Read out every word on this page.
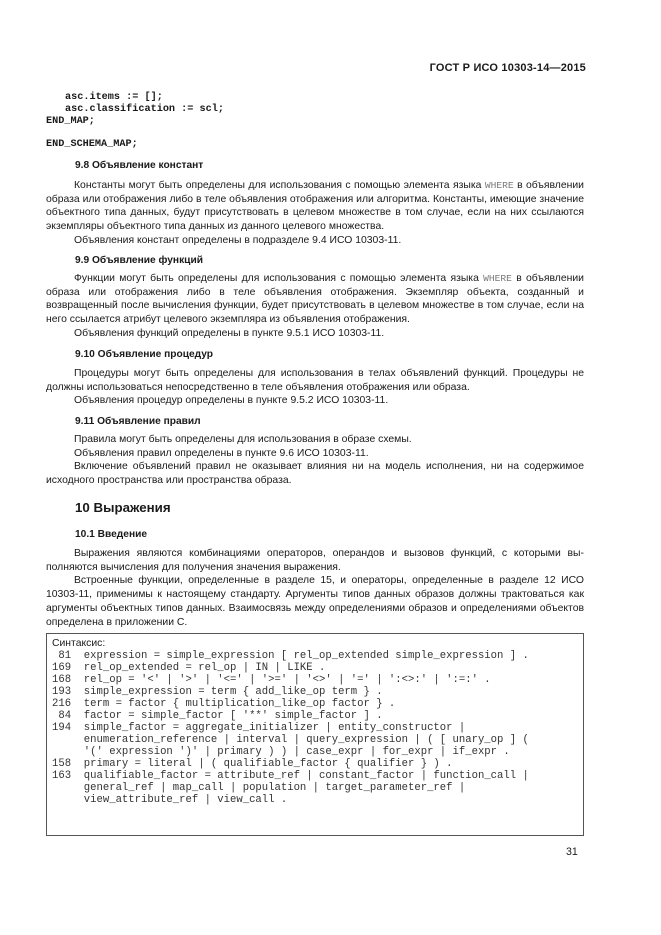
ГОСТ Р ИСО 10303-14—2015
asc.items := [];
asc.classification := scl;
END_MAP;
END_SCHEMA_MAP;
9.8 Объявление констант

Константы могут быть определены для использования с помощью элемента языка WHERE в объявлении образа или отображения либо в теле объявления отображения или алгоритма. Константы, имеющие значение объектного типа данных, будут присутствовать в целевом множестве в том случае, если на них ссылаются экземпляры объектного типа данных из данного целевого множества.

Объявления констант определены в подразделе 9.4 ИСО 10303-11.

9.9 Объявление функций

Функции могут быть определены для использования с помощью элемента языка WHERE в объявлении образа или отображения либо в теле объявления отображения. Экземпляр объекта, созданный и возвращенный после вычисления функции, будет присутствовать в целевом множестве в том случае, если на него ссылается атрибут целевого экземпляра из объявления отображения.

Объявления функций определены в пункте 9.5.1 ИСО 10303-11.

9.10 Объявление процедур

Процедуры могут быть определены для использования в телах объявлений функций. Процедуры не должны использоваться непосредственно в теле объявления отображения или образа.

Объявления процедур определены в пункте 9.5.2 ИСО 10303-11.

9.11 Объявление правил

Правила могут быть определены для использования в образе схемы.

Объявления правил определены в пункте 9.6 ИСО 10303-11.

Включение объявлений правил не оказывает влияния ни на модель исполнения, ни на содержимое исходного пространства или пространства образа.

10 Выражения
10.1 Введение

Выражения являются комбинациями операторов, операндов и вызовов функций, с которыми выполняются вычисления для получения значения выражения.

Встроенные функции, определенные в разделе 15, и операторы, определенные в разделе 12 ИСО 10303-11, применимы к настоящему стандарту. Аргументы типов данных образов должны трактоваться как аргументы объектных типов данных. Взаимосвязь между определениями образов и определениями объектов определена в приложении С.

Синтаксис:
81  expression = simple_expression [ rel_op_extended simple_expression ] .
169  rel_op_extended = rel_op | IN | LIKE .
168  rel_op = '<' | '>' | '<=' | '>=' | '<>' | '=' | ':<>:' | ':=:' .
193  simple_expression = term { add_like_op term } .
216  term = factor { multiplication_like_op factor } .
84  factor = simple_factor [ '**' simple_factor ] .
194  simple_factor = aggregate_initializer | entity_constructor |
enumeration_reference | interval | query_expression | ( [ unary_op ] (
'(' expression ')' | primary ) ) | case_expr | for_expr | if_expr .
158  primary = literal | ( qualifiable_factor { qualifier } ) .
163  qualifiable_factor = attribute_ref | constant_factor | function_call |
general_ref | map_call | population | target_parameter_ref |
view_attribute_ref | view_call .
31
